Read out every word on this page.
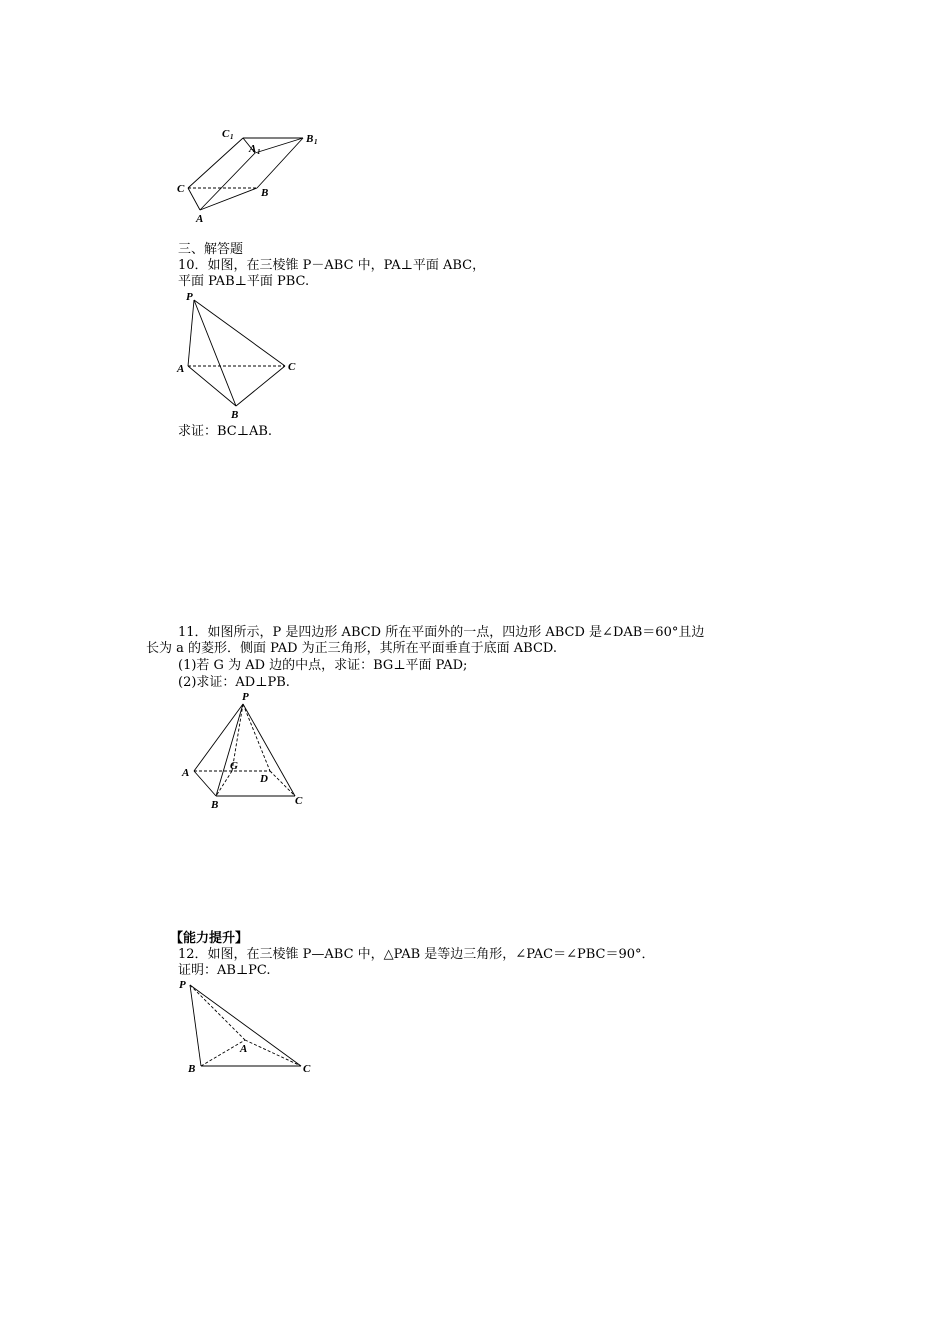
C 1
A 1
B 1
C	B
A
三、解答题
10．如图，在三棱锥 P－ABC 中，PA⊥平面 ABC，
平面 PAB⊥平面 PBC.
P
A	C
B
求证：BC⊥AB.
11．如图所示，P 是四边形 ABCD 所在平面外的一点，四边形 ABCD 是∠DAB＝60°且边
长为 a 的菱形．侧面 PAD 为正三角形，其所在平面垂直于底面 ABCD.
(1)若 G 为 AD 边的中点，求证：BG⊥平面 PAD;
(2)求证：AD⊥PB.
P
A
G
D
B	C
【能力提升】
12．如图，在三棱锥 P—ABC 中，△PAB 是等边三角形，∠PAC＝∠PBC＝90°．
证明：AB⊥PC.
P
A
B	C
